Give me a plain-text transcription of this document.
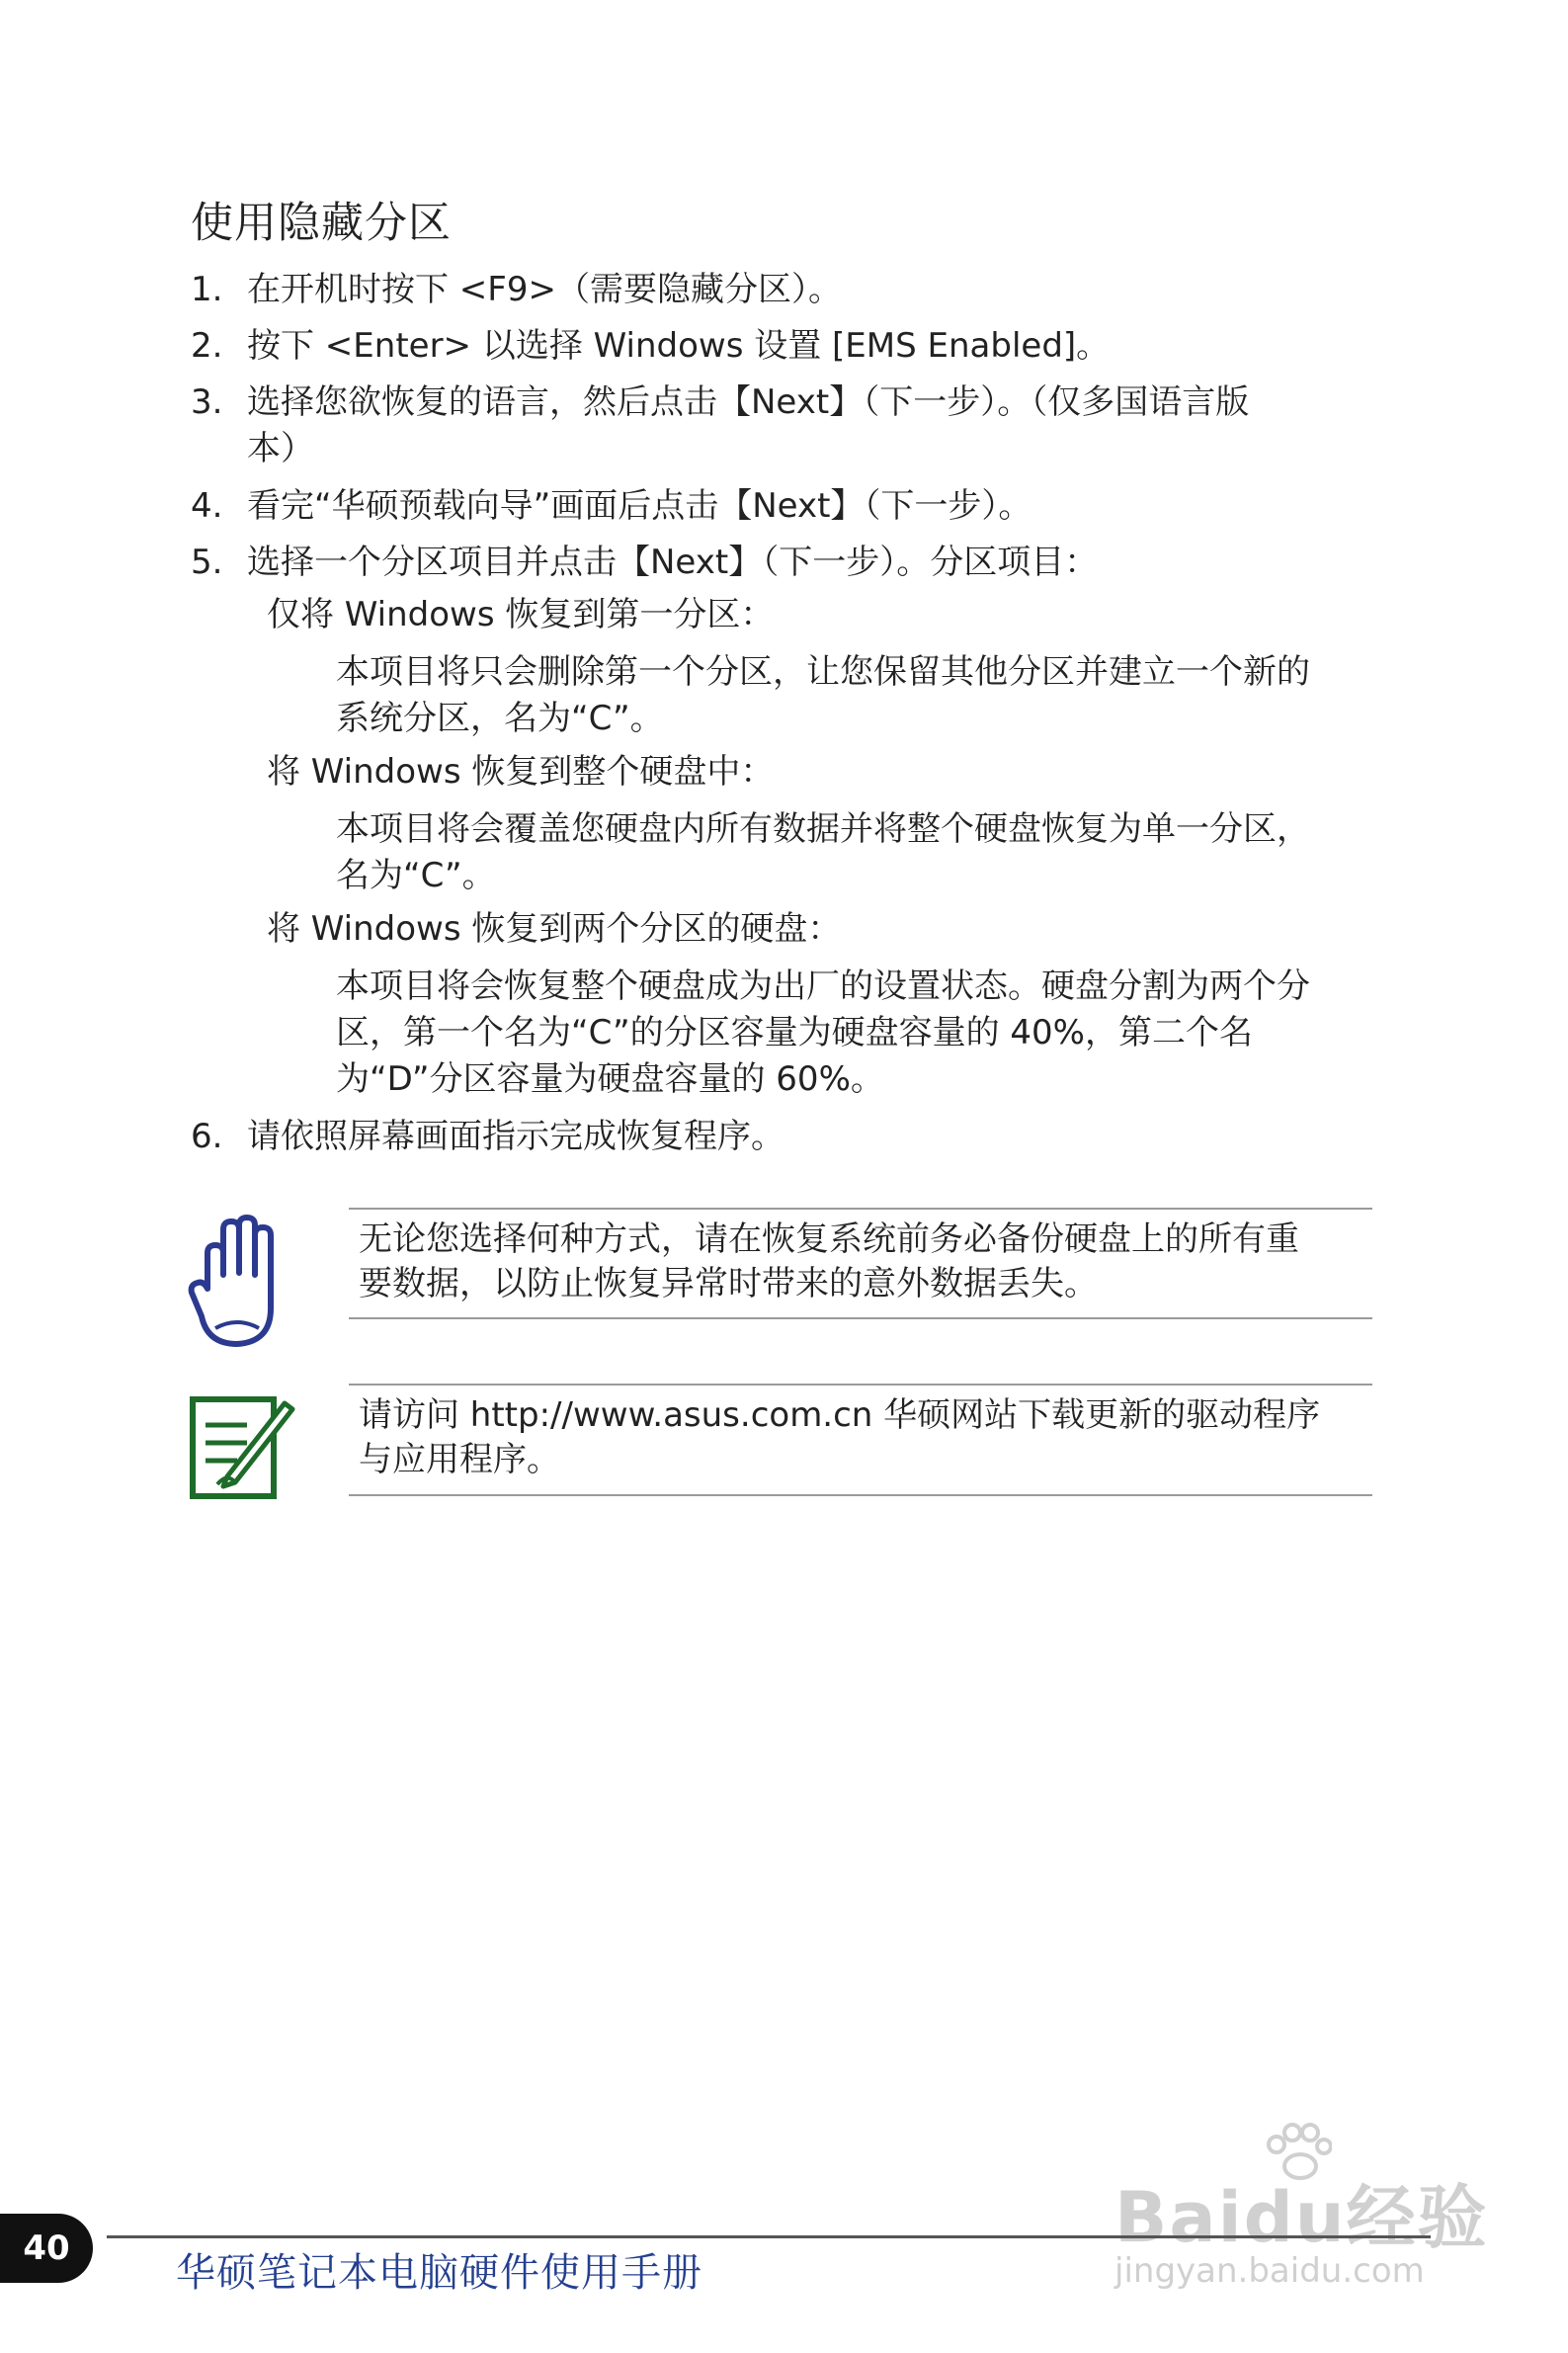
使用隐藏分区
1. 在开机时按下 <F9>（需要隐藏分区）。
2. 按下 <Enter> 以选择 Windows 设置 [EMS Enabled]。
3. 选择您欲恢复的语言，然后点击【Next】（下一步）。（仅多国语言版
本）
4. 看完“华硕预载向导”画面后点击【Next】（下一步）。
5. 选择一个分区项目并点击【Next】（下一步）。分区项目：
仅将 Windows 恢复到第一分区：
本项目将只会删除第一个分区，让您保留其他分区并建立一个新的
系统分区，名为“C”。
将 Windows 恢复到整个硬盘中：
本项目将会覆盖您硬盘内所有数据并将整个硬盘恢复为单一分区，
名为“C”。
将 Windows 恢复到两个分区的硬盘：
本项目将会恢复整个硬盘成为出厂的设置状态。硬盘分割为两个分
区，第一个名为“C”的分区容量为硬盘容量的 40%，第二个名
为“D”分区容量为硬盘容量的 60%。
6. 请依照屏幕画面指示完成恢复程序。
无论您选择何种方式，请在恢复系统前务必备份硬盘上的所有重
要数据，以防止恢复异常时带来的意外数据丢失。
请访问 http://www.asus.com.cn 华硕网站下载更新的驱动程序
与应用程序。
Baidu经验
jingyan.baidu.com
40
华硕笔记本电脑硬件使用手册
